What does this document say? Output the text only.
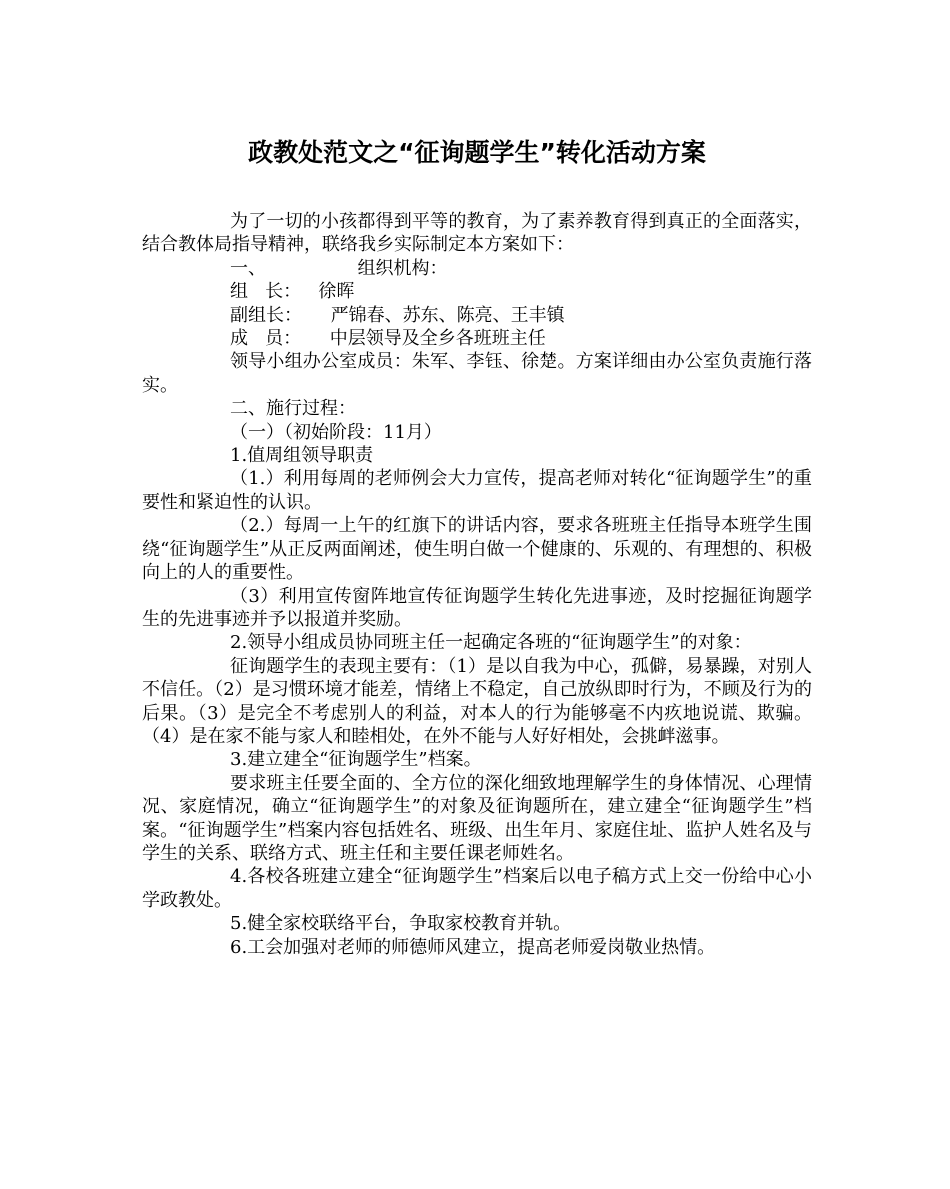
政教处范文之“征询题学生”转化活动方案

为了一切的小孩都得到平等的教育，为了素养教育得到真正的全面落实，结合教体局指导精神，联络我乡实际制定本方案如下：

一、                组织机构：

组   长：   徐晖

副组长：     严锦春、苏东、陈亮、王丰镇

成   员：     中层领导及全乡各班班主任

领导小组办公室成员：朱军、李钰、徐楚。方案详细由办公室负责施行落实。

二、施行过程：

（一）（初始阶段：11月）

1.值周组领导职责

（1.）利用每周的老师例会大力宣传，提高老师对转化“征询题学生”的重要性和紧迫性的认识。

（2.）每周一上午的红旗下的讲话内容，要求各班班主任指导本班学生围绕“征询题学生”从正反两面阐述，使生明白做一个健康的、乐观的、有理想的、积极向上的人的重要性。

（3）利用宣传窗阵地宣传征询题学生转化先进事迹，及时挖掘征询题学生的先进事迹并予以报道并奖励。

2.领导小组成员协同班主任一起确定各班的“征询题学生”的对象：

征询题学生的表现主要有：（1）是以自我为中心，孤僻，易暴躁，对别人不信任。（2）是习惯环境才能差，情绪上不稳定，自己放纵即时行为，不顾及行为的后果。（3）是完全不考虑别人的利益，对本人的行为能够毫不内疚地说谎、欺骗。（4）是在家不能与家人和睦相处，在外不能与人好好相处，会挑衅滋事。

3.建立建全“征询题学生”档案。

要求班主任要全面的、全方位的深化细致地理解学生的身体情况、心理情况、家庭情况，确立“征询题学生”的对象及征询题所在，建立建全“征询题学生”档案。“征询题学生”档案内容包括姓名、班级、出生年月、家庭住址、监护人姓名及与学生的关系、联络方式、班主任和主要任课老师姓名。

4.各校各班建立建全“征询题学生”档案后以电子稿方式上交一份给中心小学政教处。

5.健全家校联络平台，争取家校教育并轨。

6.工会加强对老师的师德师风建立，提高老师爱岗敬业热情。
